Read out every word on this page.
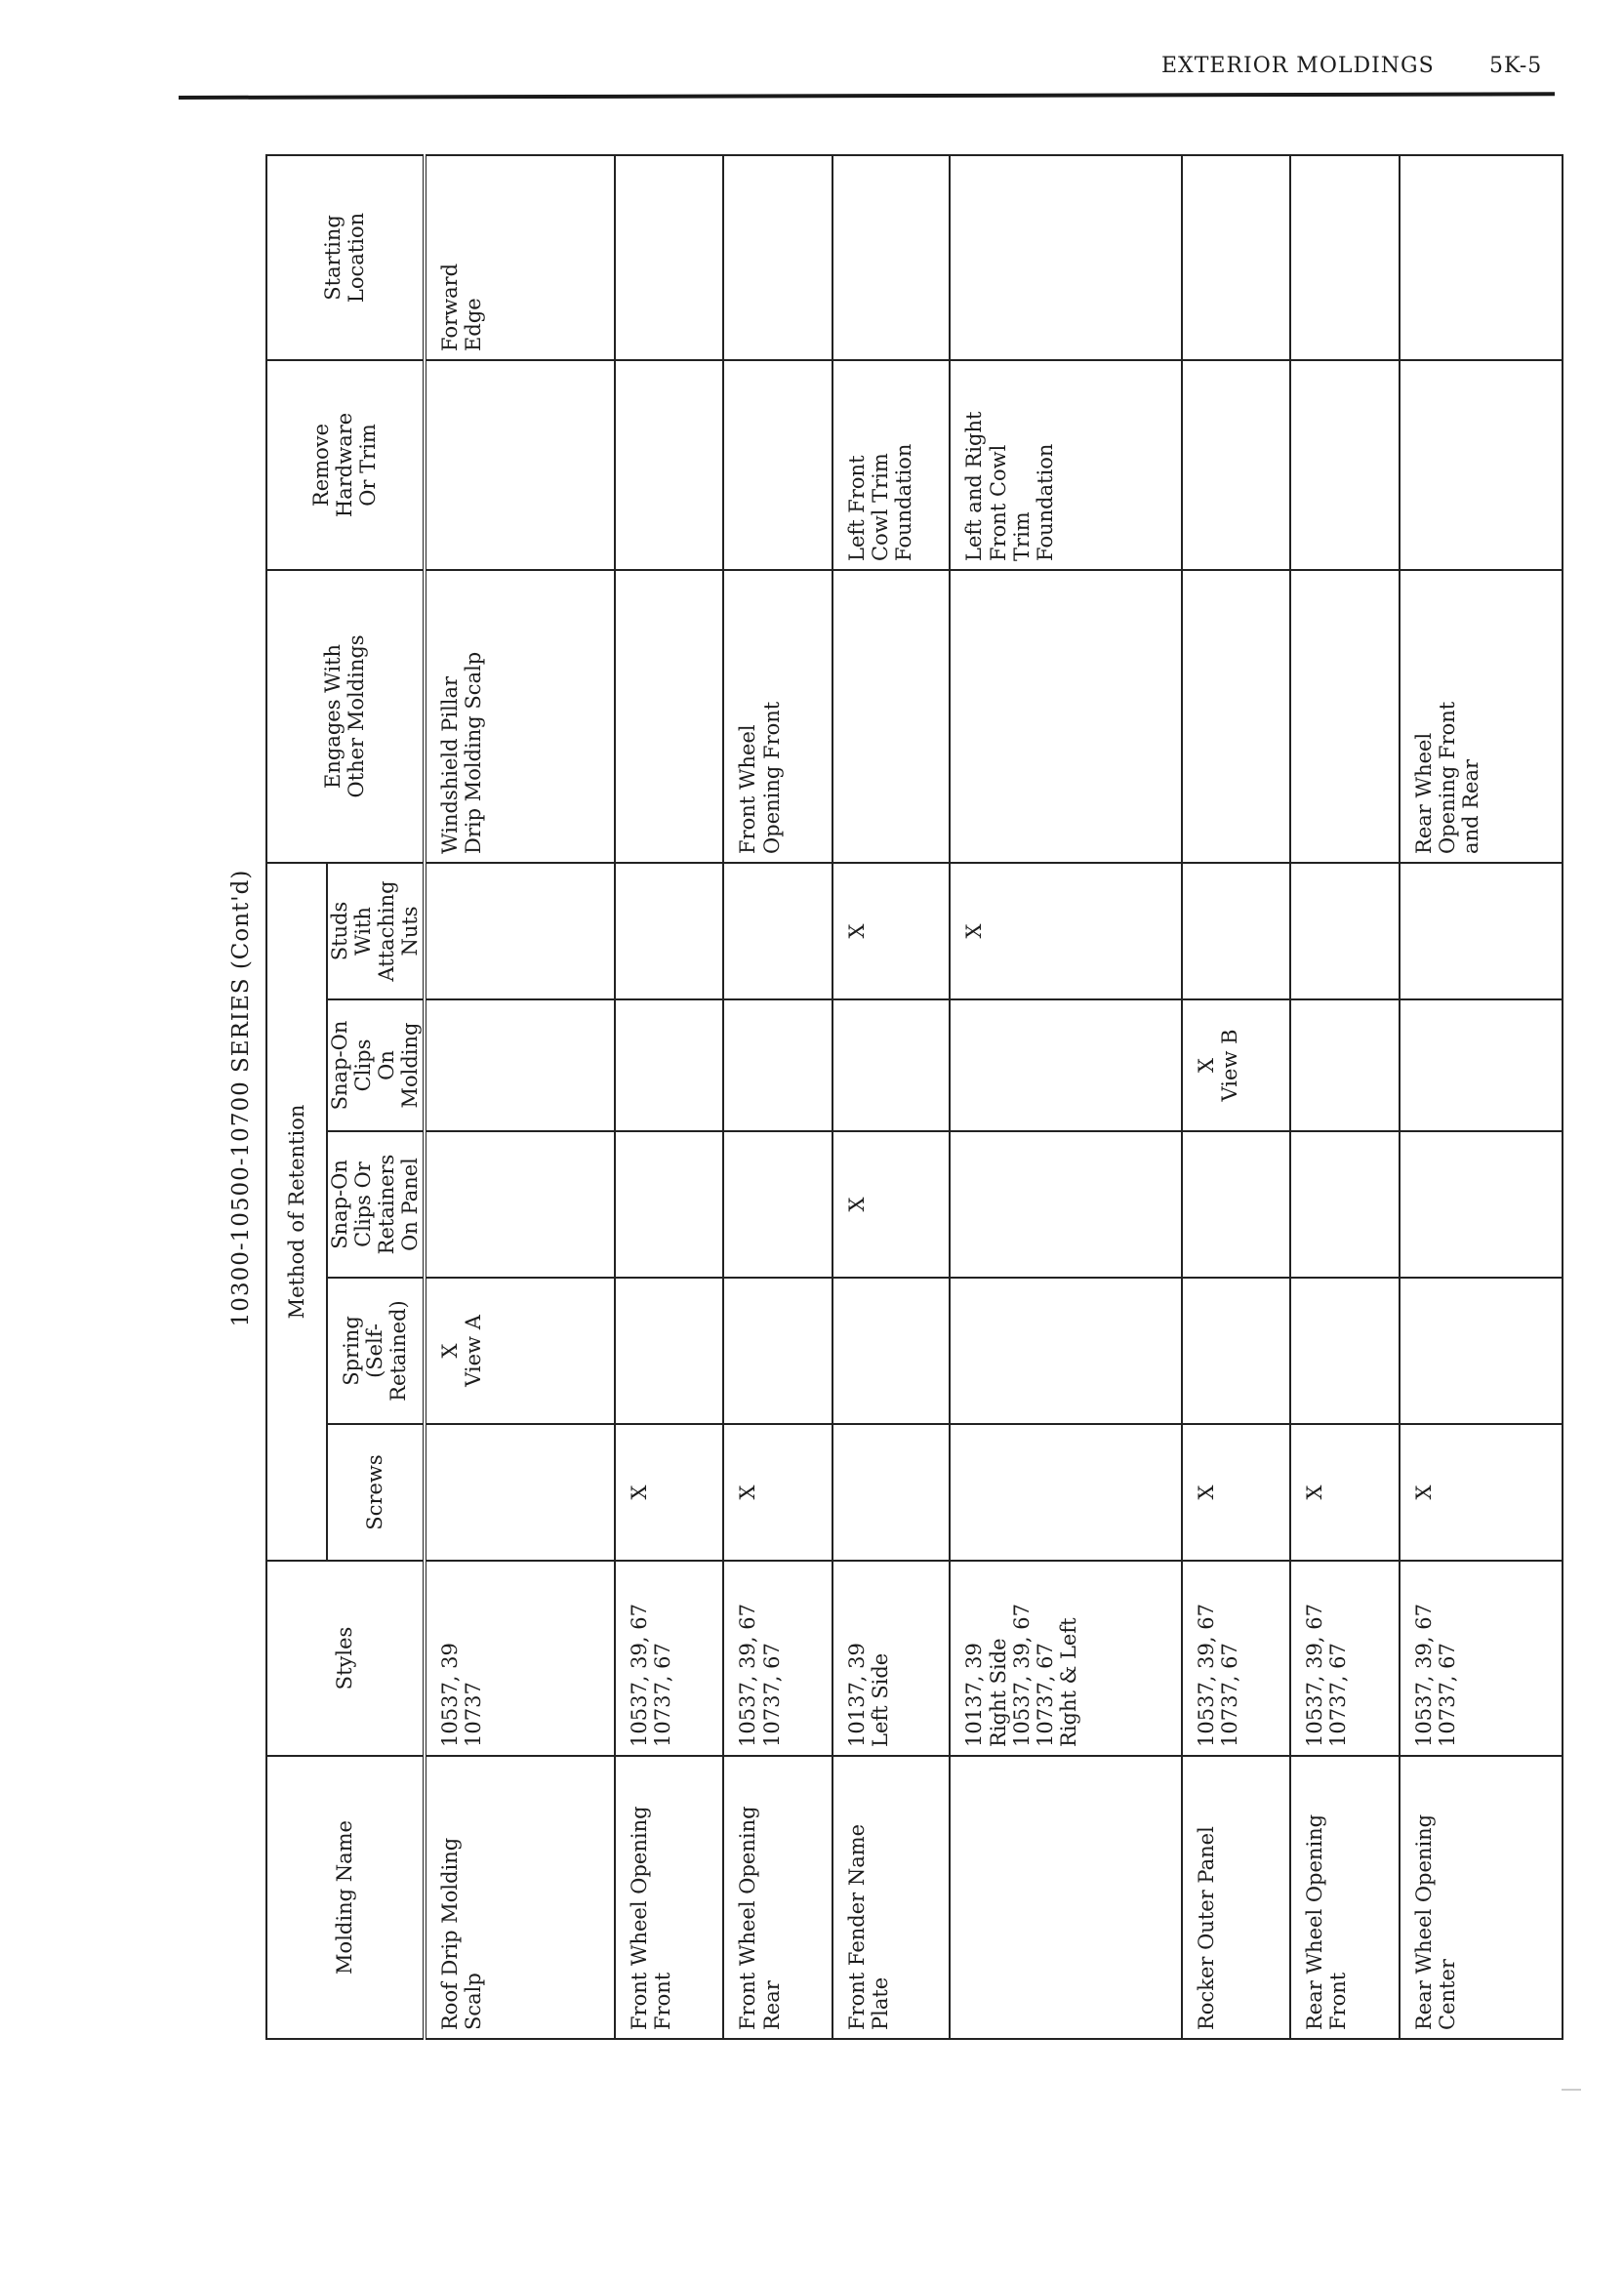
EXTERIOR MOLDINGS	5K-5
10300-10500-10700 SERIES (Cont'd)
Molding Name	Styles	Method of Retention					Engages With Other Moldings	Remove Hardware Or Trim	Starting Location

		Screws	Spring (Self- Retained)	Snap-On Clips Or Retainers On Panel	Snap-On Clips On Molding	Studs With Attaching Nuts			

Roof Drip Molding Scalp	10537, 39 10737		X View A				Windshield Pillar Drip Molding Scalp		Forward Edge

Front Wheel Opening Front	10537, 39, 67 10737, 67	X							

Front Wheel Opening Rear	10537, 39, 67 10737, 67	X					Front Wheel Opening Front		

Front Fender Name Plate	10137, 39 Left Side			X		X		Left Front Cowl Trim Foundation	

	10137, 39 Right Side 10537, 39, 67 10737, 67 Right & Left					X		Left and Right Front Cowl Trim Foundation	

Rocker Outer Panel	10537, 39, 67 10737, 67	X			X View B				

Rear Wheel Opening Front	10537, 39, 67 10737, 67	X							

Rear Wheel Opening Center	10537, 39, 67 10737, 67	X					Rear Wheel Opening Front and Rear		
